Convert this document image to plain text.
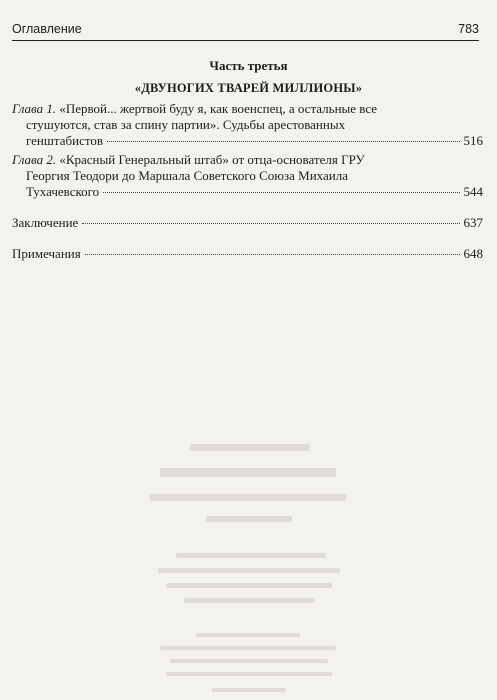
Оглавление	783
Часть третья
«ДВУНОГИХ ТВАРЕЙ МИЛЛИОНЫ»
Глава 1. «Первой... жертвой буду я, как военспец, а остальные все
стушуются, став за спину партии». Судьбы арестованных
генштабистов	516
Глава 2. «Красный Генеральный штаб» от отца-основателя ГРУ
Георгия Теодори до Маршала Советского Союза Михаила
Тухачевского	544
Заключение	637
Примечания	648
